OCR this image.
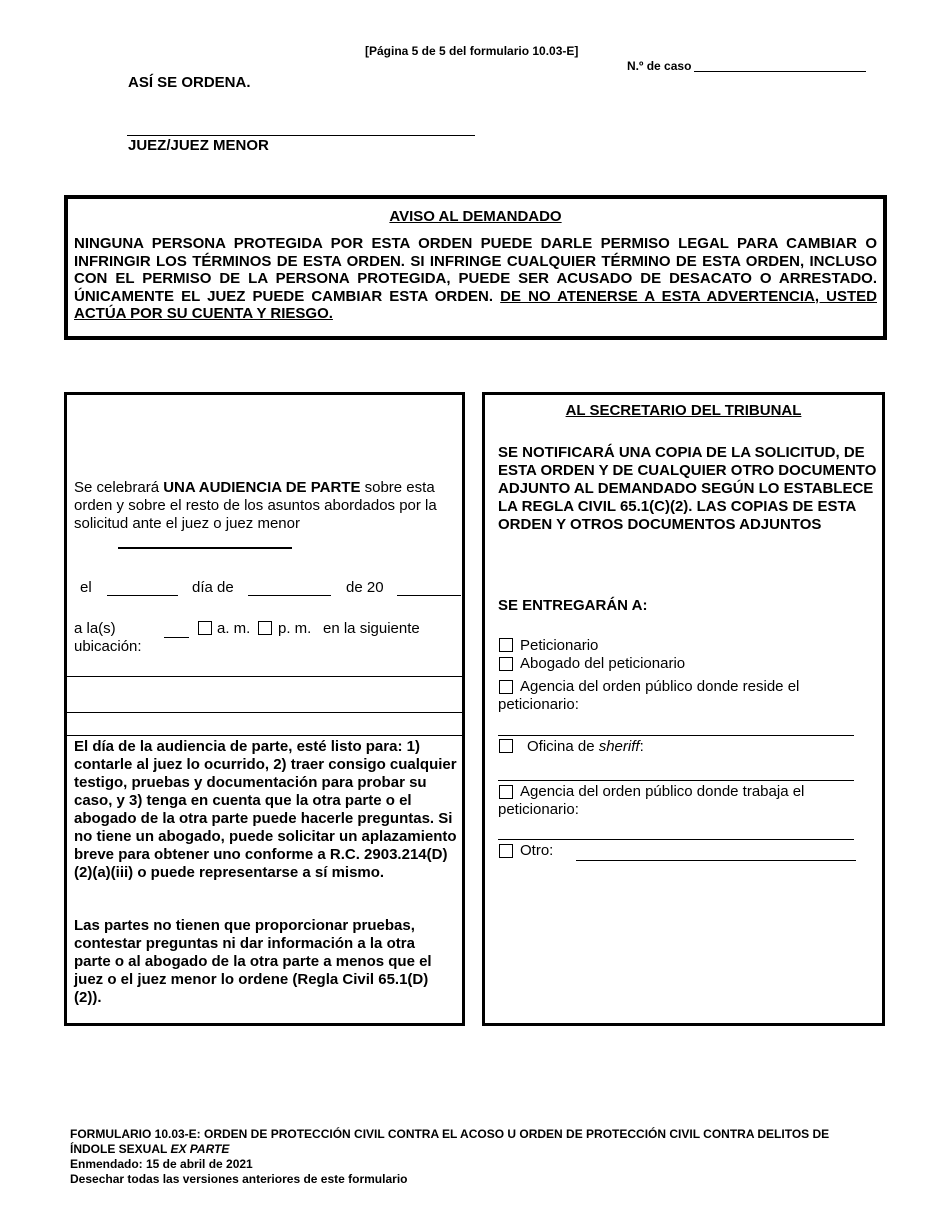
[Página 5 de 5 del formulario 10.03-E]
N.º de caso
ASÍ SE ORDENA.
JUEZ/JUEZ MENOR
AVISO AL DEMANDADO
NINGUNA PERSONA PROTEGIDA POR ESTA ORDEN PUEDE DARLE PERMISO LEGAL PARA CAMBIAR O INFRINGIR LOS TÉRMINOS DE ESTA ORDEN. SI INFRINGE CUALQUIER TÉRMINO DE ESTA ORDEN, INCLUSO CON EL PERMISO DE LA PERSONA PROTEGIDA, PUEDE SER ACUSADO DE DESACATO O ARRESTADO. ÚNICAMENTE EL JUEZ PUEDE CAMBIAR ESTA ORDEN. DE NO ATENERSE A ESTA ADVERTENCIA, USTED ACTÚA POR SU CUENTA Y RIESGO.
Se celebrará UNA AUDIENCIA DE PARTE sobre esta orden y sobre el resto de los asuntos abordados por la solicitud ante el juez o juez menor
el	día de	de 20
a la(s)	a. m. p. m. en la siguiente
ubicación:
El día de la audiencia de parte, esté listo para: 1) contarle al juez lo ocurrido, 2) traer consigo cualquier testigo, pruebas y documentación para probar su caso, y 3) tenga en cuenta que la otra parte o el abogado de la otra parte puede hacerle preguntas. Si no tiene un abogado, puede solicitar un aplazamiento breve para obtener uno conforme a R.C. 2903.214(D)(2)(a)(iii) o puede representarse a sí mismo.
Las partes no tienen que proporcionar pruebas, contestar preguntas ni dar información a la otra parte o al abogado de la otra parte a menos que el juez o el juez menor lo ordene (Regla Civil 65.1(D)(2)).
AL SECRETARIO DEL TRIBUNAL
SE NOTIFICARÁ UNA COPIA DE LA SOLICITUD, DE ESTA ORDEN Y DE CUALQUIER OTRO DOCUMENTO ADJUNTO AL DEMANDADO SEGÚN LO ESTABLECE LA REGLA CIVIL 65.1(C)(2). LAS COPIAS DE ESTA ORDEN Y OTROS DOCUMENTOS ADJUNTOS
SE ENTREGARÁN A:
Peticionario
Abogado del peticionario
Agencia del orden público donde reside el peticionario:
Oficina de sheriff:
Agencia del orden público donde trabaja el peticionario:
Otro:
FORMULARIO 10.03-E: ORDEN DE PROTECCIÓN CIVIL CONTRA EL ACOSO U ORDEN DE PROTECCIÓN CIVIL CONTRA DELITOS DE
ÍNDOLE SEXUAL EX PARTE
Enmendado: 15 de abril de 2021
Desechar todas las versiones anteriores de este formulario
